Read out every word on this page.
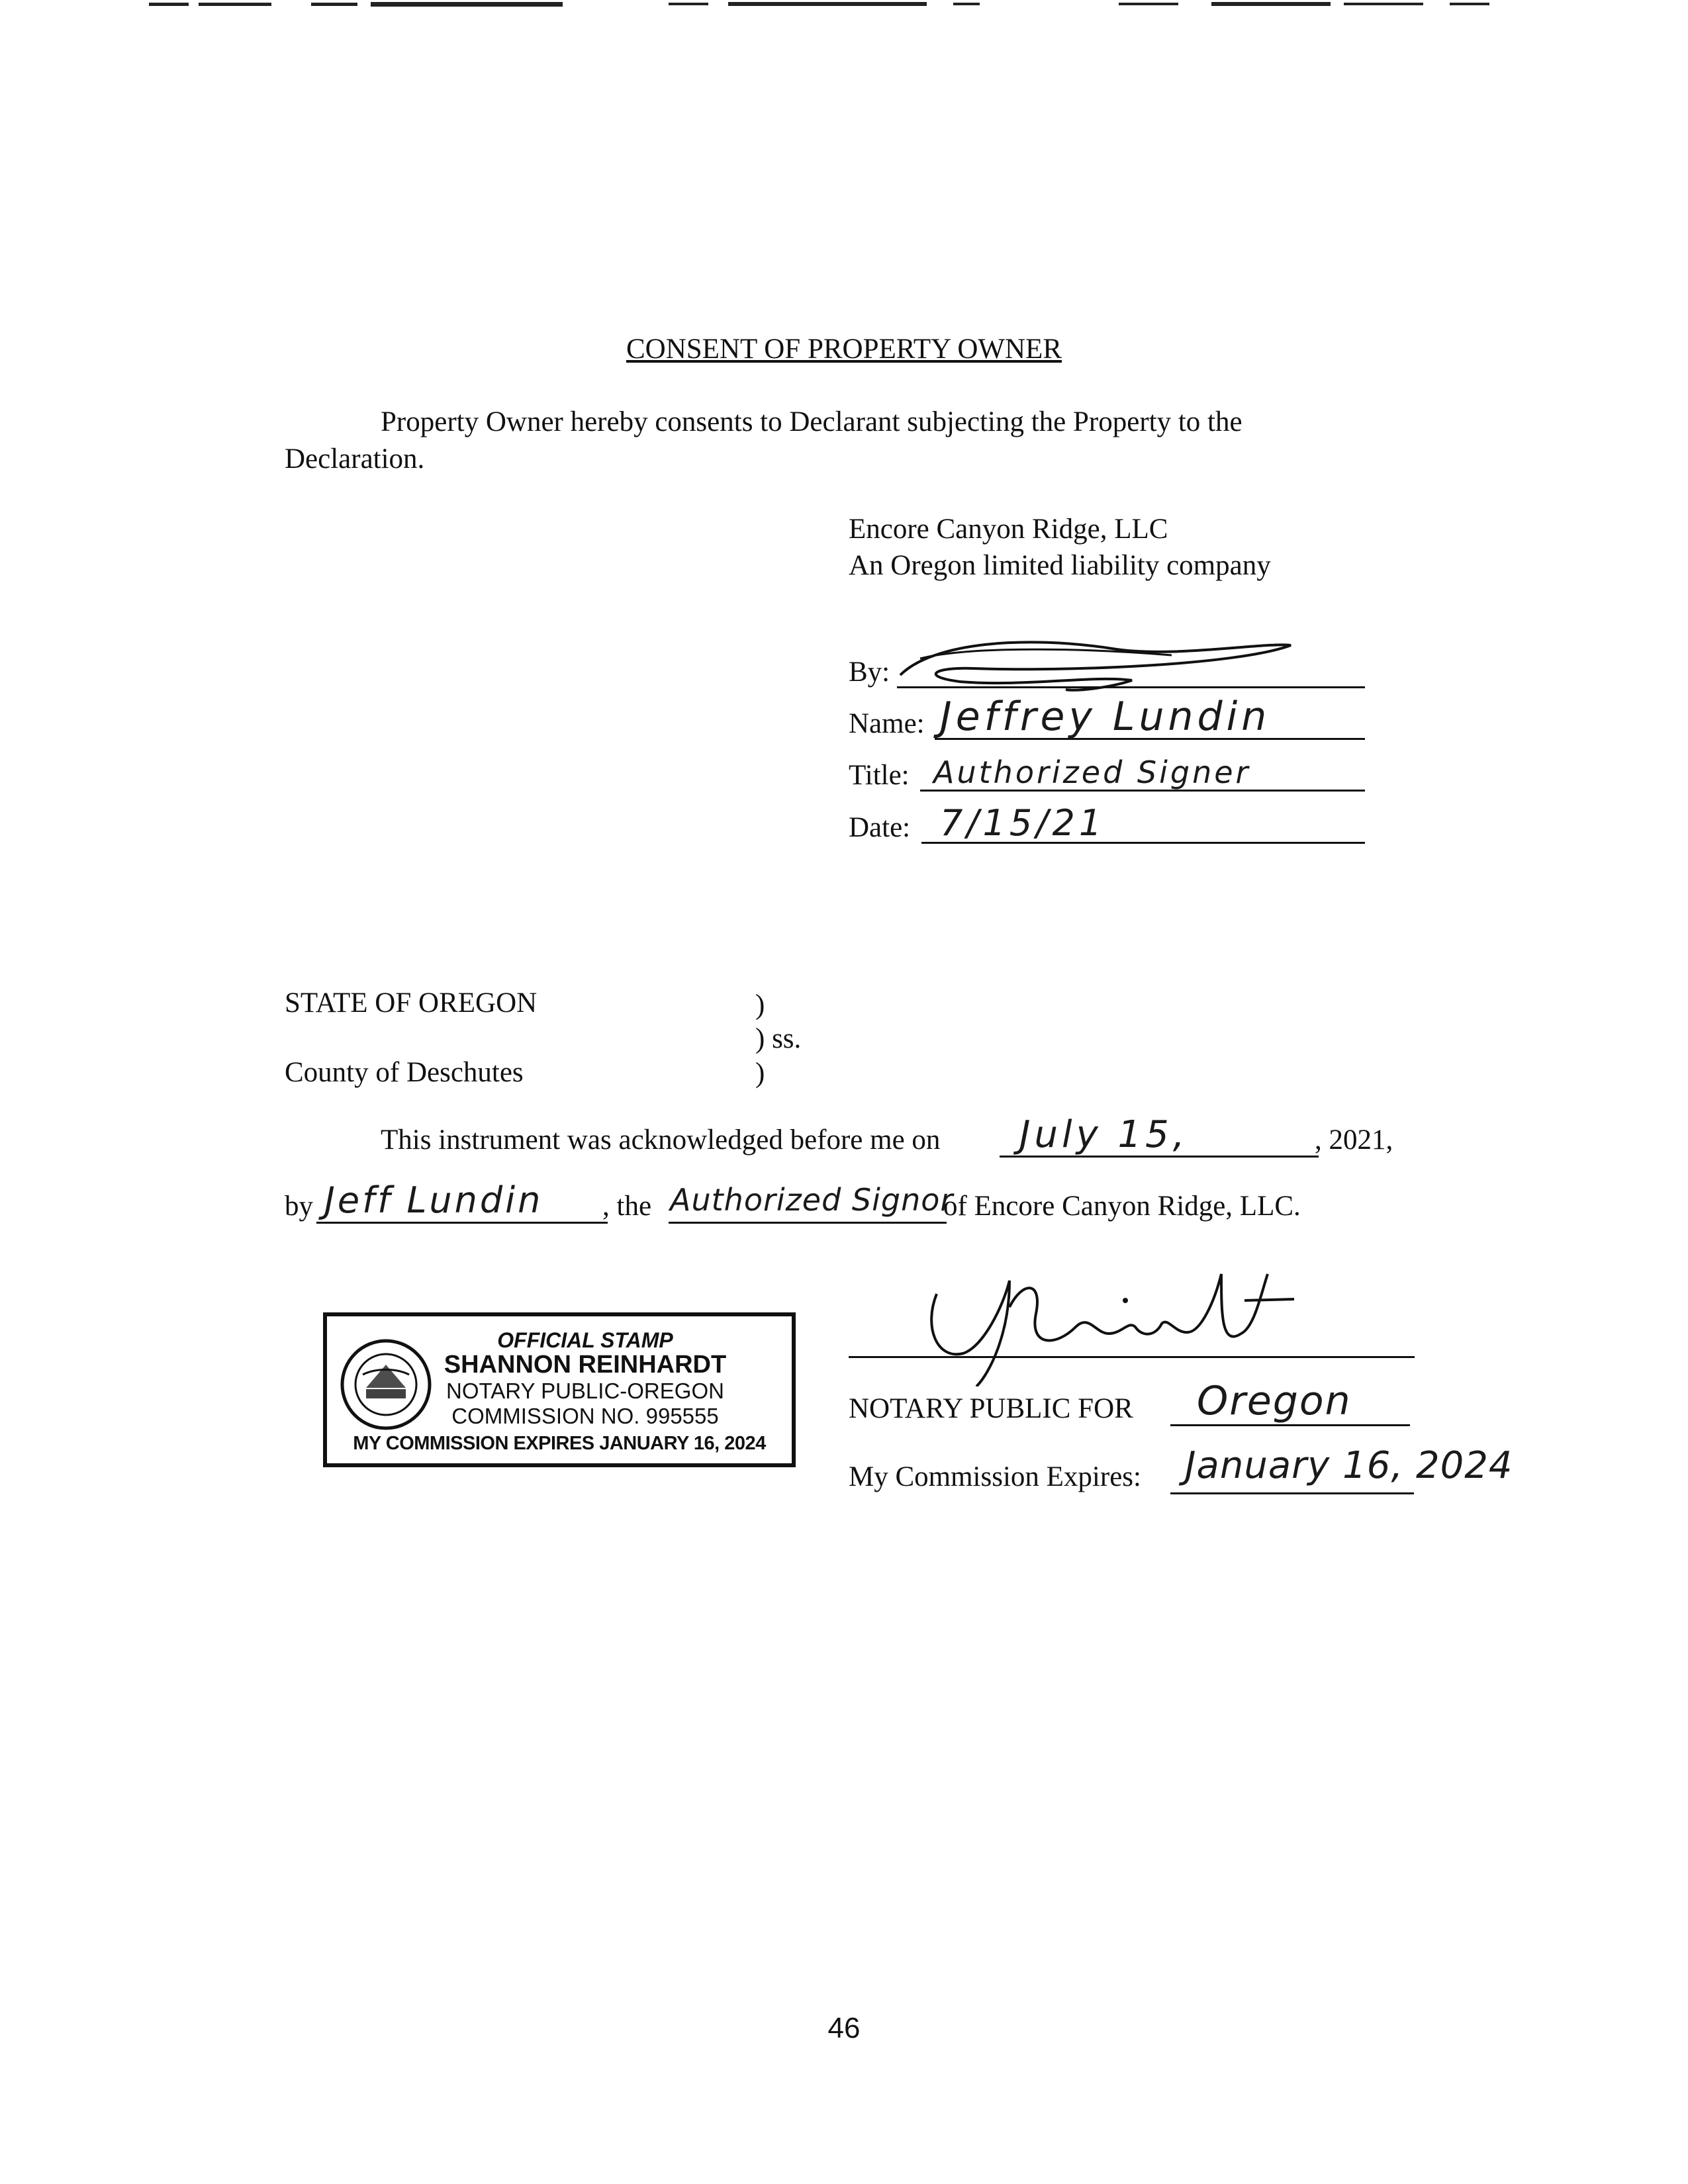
CONSENT OF PROPERTY OWNER
Property Owner hereby consents to Declarant subjecting the Property to the
Declaration.
Encore Canyon Ridge, LLC
An Oregon limited liability company
By:
Name: Jeffrey Lundin
Title: Authorized Signer
Date: 7/15/21
STATE OF OREGON	)
) ss.
County of Deschutes	)
This instrument was acknowledged before me on July 15,	, 2021,
by Jeff Lundin , the Authorized Signor
of Encore Canyon Ridge, LLC.
OFFICIAL STAMP
SHANNON REINHARDT
NOTARY PUBLIC-OREGON
COMMISSION NO. 995555
MY COMMISSION EXPIRES JANUARY 16, 2024
NOTARY PUBLIC FOR Oregon
My Commission Expires: January 16, 2024
46
